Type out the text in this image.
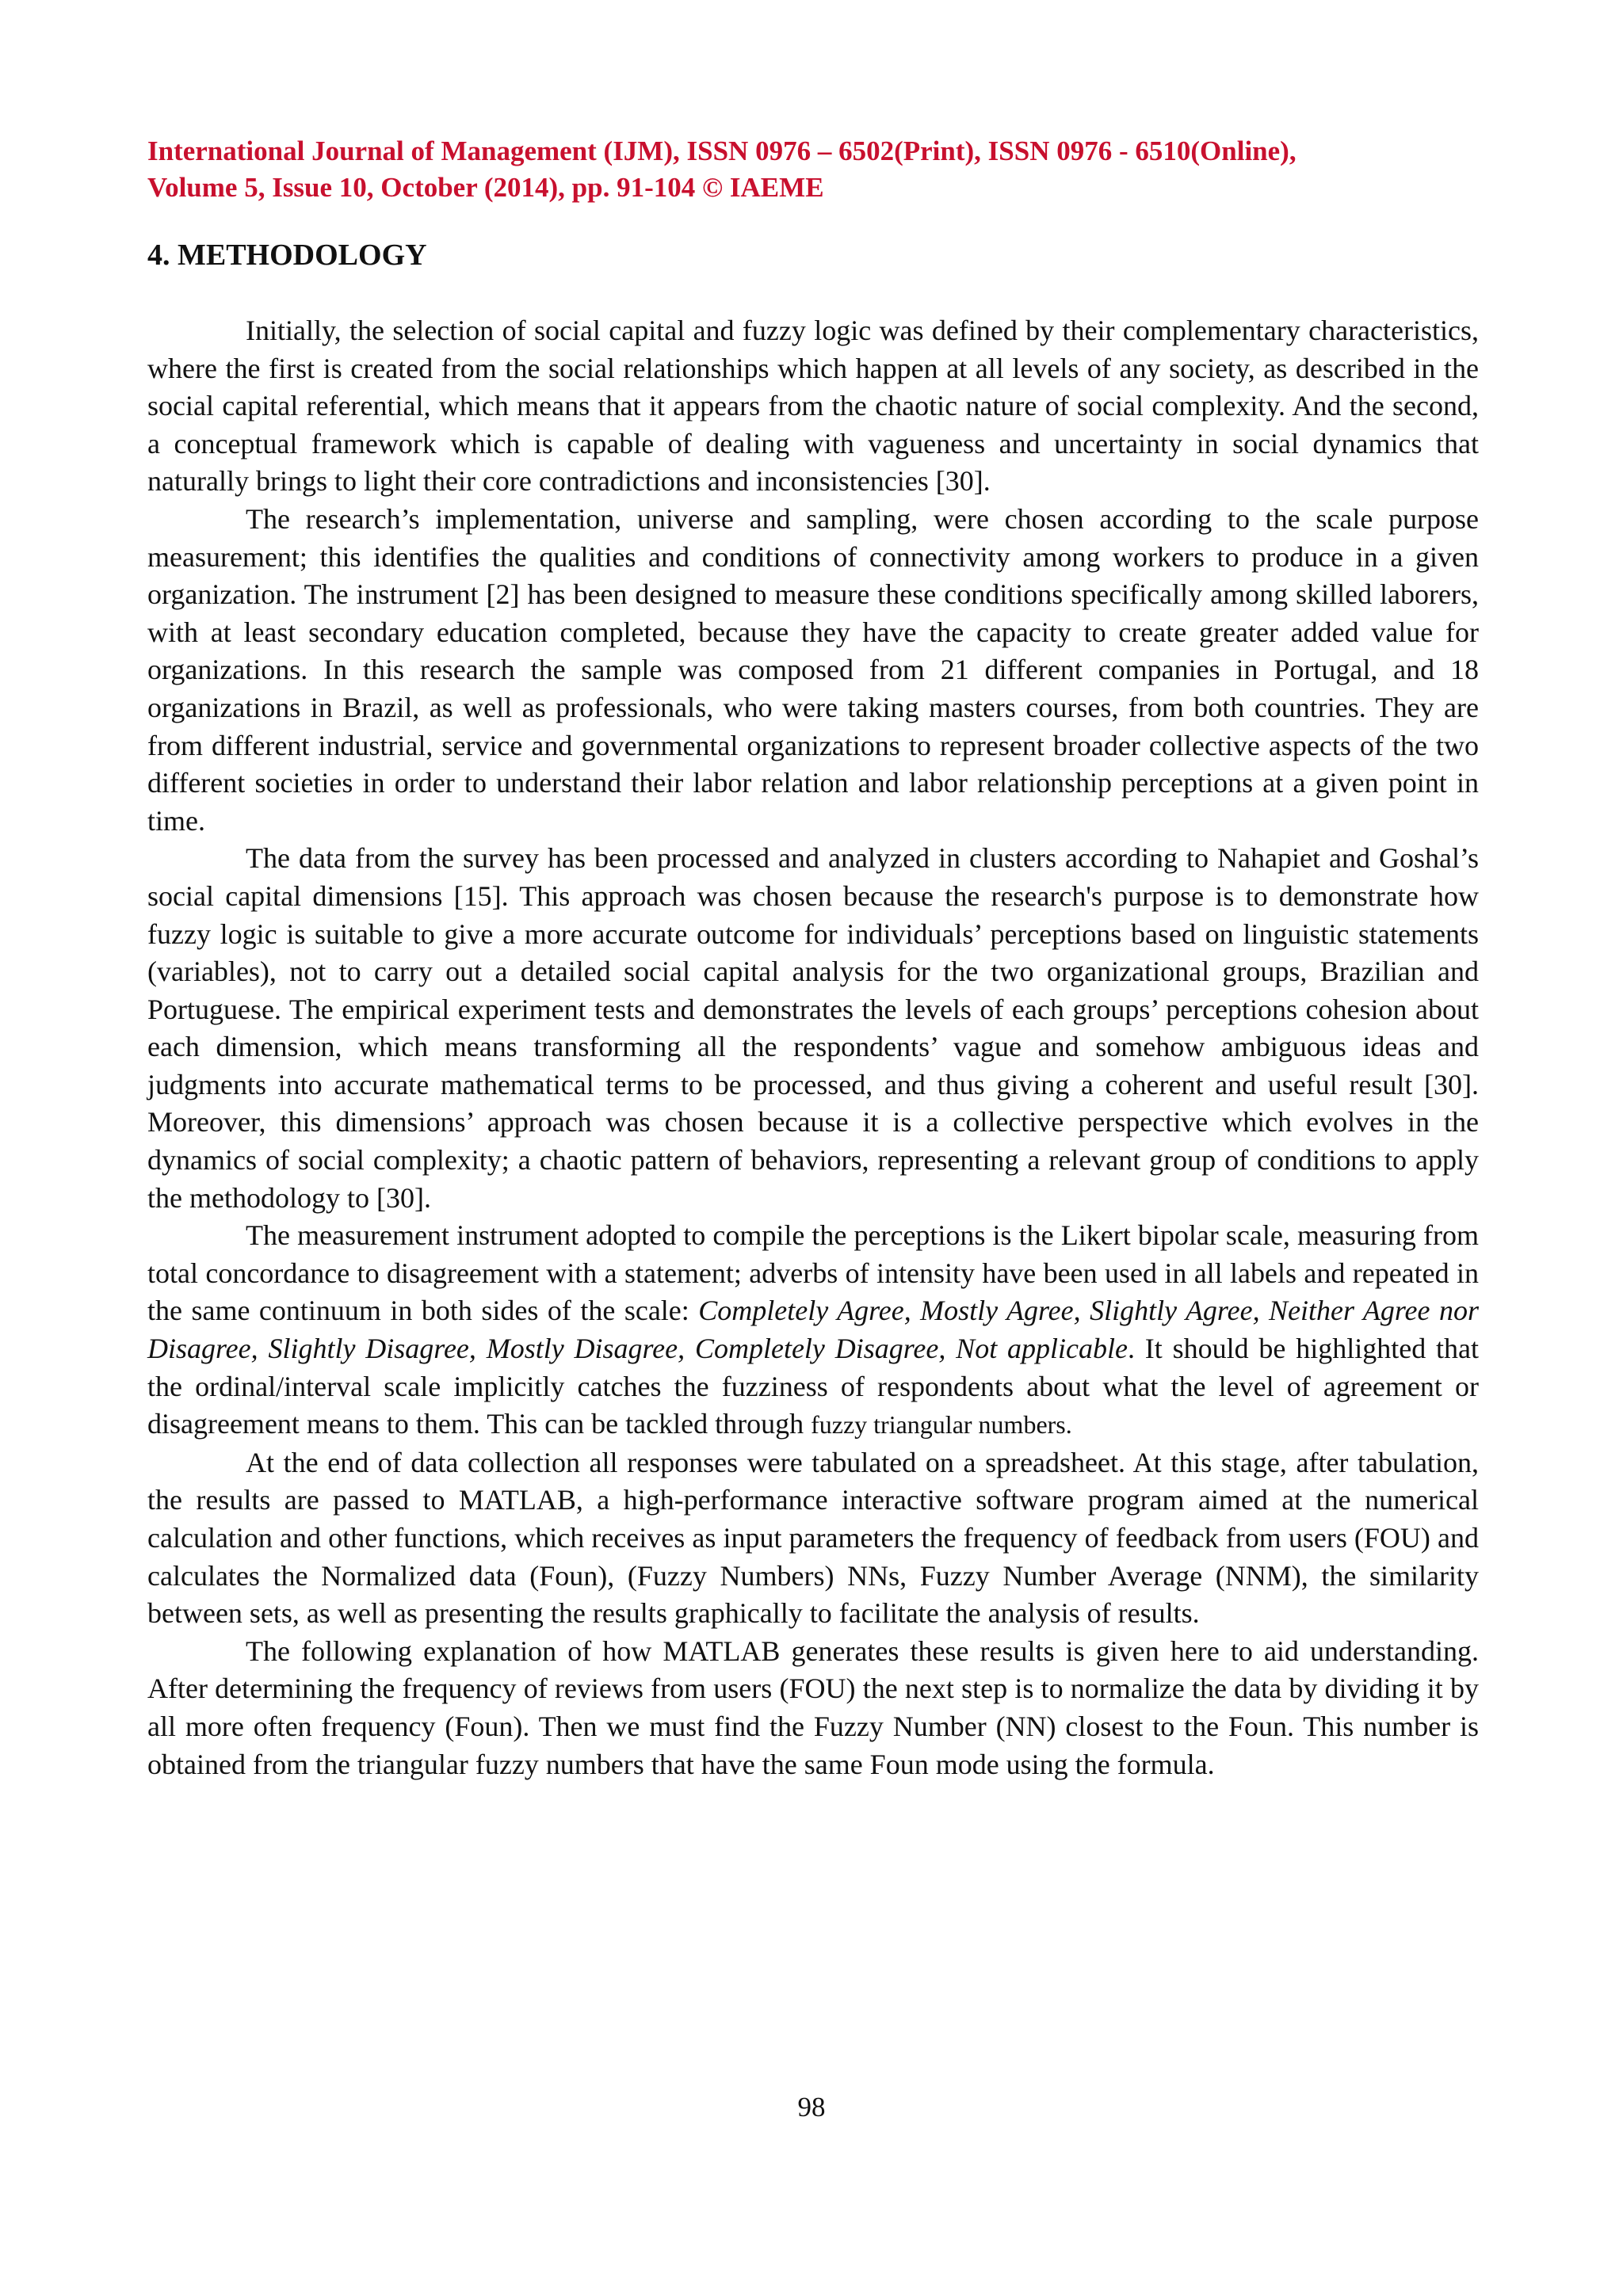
International Journal of Management (IJM), ISSN 0976 – 6502(Print), ISSN 0976 - 6510(Online),
Volume 5, Issue 10, October (2014), pp. 91-104 © IAEME
4. METHODOLOGY

Initially, the selection of social capital and fuzzy logic was defined by their complementary characteristics, where the first is created from the social relationships which happen at all levels of any society, as described in the social capital referential, which means that it appears from the chaotic nature of social complexity. And the second, a conceptual framework which is capable of dealing with vagueness and uncertainty in social dynamics that naturally brings to light their core contradictions and inconsistencies [30].

The research’s implementation, universe and sampling, were chosen according to the scale purpose measurement; this identifies the qualities and conditions of connectivity among workers to produce in a given organization. The instrument [2] has been designed to measure these conditions specifically among skilled laborers, with at least secondary education completed, because they have the capacity to create greater added value for organizations. In this research the sample was composed from 21 different companies in Portugal, and 18 organizations in Brazil, as well as professionals, who were taking masters courses, from both countries. They are from different industrial, service and governmental organizations to represent broader collective aspects of the two different societies in order to understand their labor relation and labor relationship perceptions at a given point in time.

The data from the survey has been processed and analyzed in clusters according to Nahapiet and Goshal’s social capital dimensions [15]. This approach was chosen because the research's purpose is to demonstrate how fuzzy logic is suitable to give a more accurate outcome for individuals’ perceptions based on linguistic statements (variables), not to carry out a detailed social capital analysis for the two organizational groups, Brazilian and Portuguese. The empirical experiment tests and demonstrates the levels of each groups’ perceptions cohesion about each dimension, which means transforming all the respondents’ vague and somehow ambiguous ideas and judgments into accurate mathematical terms to be processed, and thus giving a coherent and useful result [30]. Moreover, this dimensions’ approach was chosen because it is a collective perspective which evolves in the dynamics of social complexity; a chaotic pattern of behaviors, representing a relevant group of conditions to apply the methodology to [30].

The measurement instrument adopted to compile the perceptions is the Likert bipolar scale, measuring from total concordance to disagreement with a statement; adverbs of intensity have been used in all labels and repeated in the same continuum in both sides of the scale: Completely Agree, Mostly Agree, Slightly Agree, Neither Agree nor Disagree, Slightly Disagree, Mostly Disagree, Completely Disagree, Not applicable. It should be highlighted that the ordinal/interval scale implicitly catches the fuzziness of respondents about what the level of agreement or disagreement means to them. This can be tackled through fuzzy triangular numbers.

At the end of data collection all responses were tabulated on a spreadsheet. At this stage, after tabulation, the results are passed to MATLAB, a high-performance interactive software program aimed at the numerical calculation and other functions, which receives as input parameters the frequency of feedback from users (FOU) and calculates the Normalized data (Foun), (Fuzzy Numbers) NNs, Fuzzy Number Average (NNM), the similarity between sets, as well as presenting the results graphically to facilitate the analysis of results.

The following explanation of how MATLAB generates these results is given here to aid understanding. After determining the frequency of reviews from users (FOU) the next step is to normalize the data by dividing it by all more often frequency (Foun). Then we must find the Fuzzy Number (NN) closest to the Foun. This number is obtained from the triangular fuzzy numbers that have the same Foun mode using the formula.

98
